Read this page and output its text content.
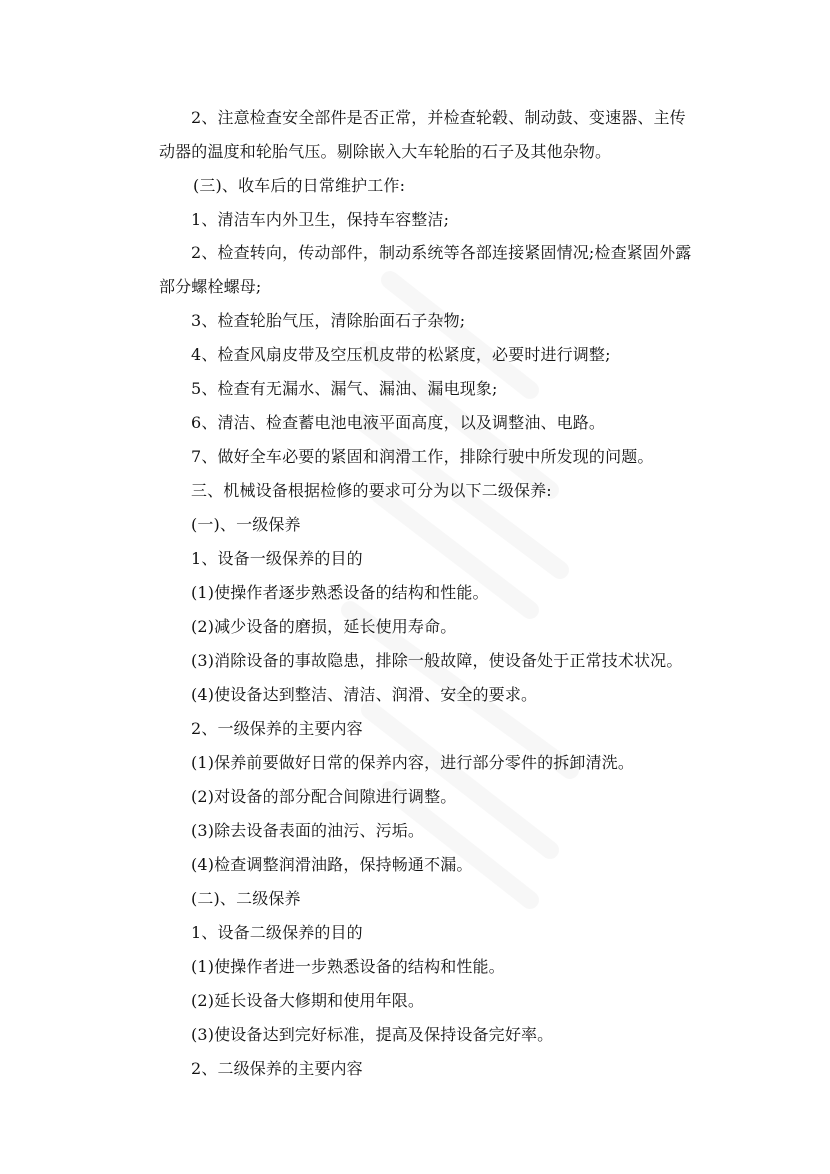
2、注意检查安全部件是否正常，并检查轮毂、制动鼓、变速器、主传
动器的温度和轮胎气压。剔除嵌入大车轮胎的石子及其他杂物。
(三)、收车后的日常维护工作:
1、清洁车内外卫生，保持车容整洁;
2、检查转向，传动部件，制动系统等各部连接紧固情况;检查紧固外露
部分螺栓螺母;
3、检查轮胎气压，清除胎面石子杂物;
4、检查风扇皮带及空压机皮带的松紧度，必要时进行调整;
5、检查有无漏水、漏气、漏油、漏电现象;
6、清洁、检查蓄电池电液平面高度，以及调整油、电路。
7、做好全车必要的紧固和润滑工作，排除行驶中所发现的问题。
三、机械设备根据检修的要求可分为以下二级保养:
(一)、一级保养
1、设备一级保养的目的
(1)使操作者逐步熟悉设备的结构和性能。
(2)减少设备的磨损，延长使用寿命。
(3)消除设备的事故隐患，排除一般故障，使设备处于正常技术状况。
(4)使设备达到整洁、清洁、润滑、安全的要求。
2、一级保养的主要内容
(1)保养前要做好日常的保养内容，进行部分零件的拆卸清洗。
(2)对设备的部分配合间隙进行调整。
(3)除去设备表面的油污、污垢。
(4)检查调整润滑油路，保持畅通不漏。
(二)、二级保养
1、设备二级保养的目的
(1)使操作者进一步熟悉设备的结构和性能。
(2)延长设备大修期和使用年限。
(3)使设备达到完好标准，提高及保持设备完好率。
2、二级保养的主要内容
